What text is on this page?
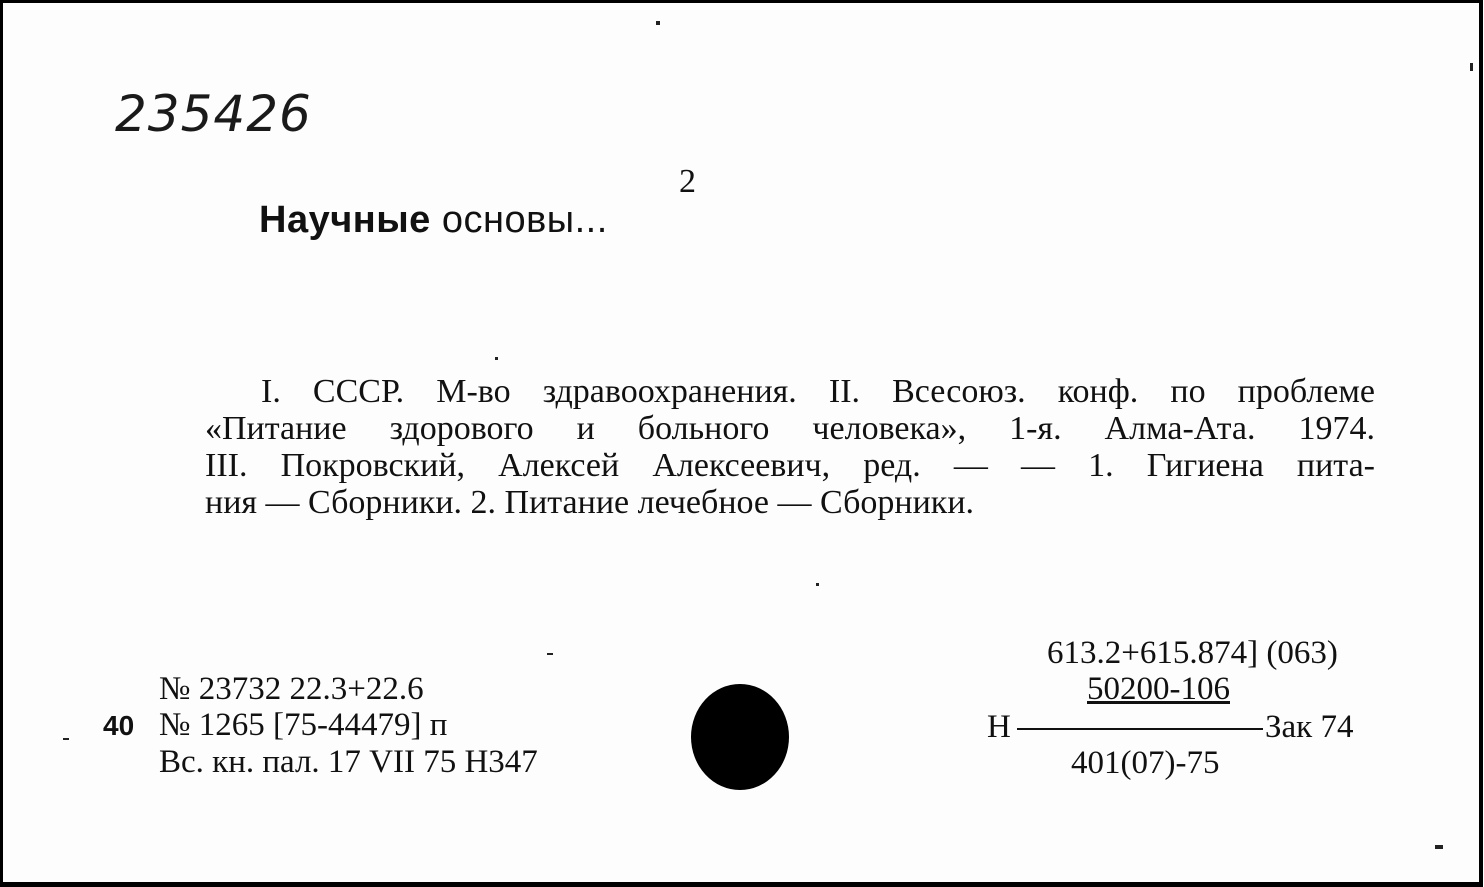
235426
2
Научные основы...
I. СССР. М-во здравоохранения. II. Всесоюз. конф. по проблеме
«Питание здорового и больного человека», 1-я. Алма-Ата. 1974.
III. Покровский, Алексей Алексеевич, ред. — — 1. Гигиена пита-
ния — Сборники. 2. Питание лечебное — Сборники.
№ 23732 22.3+22.6
40 № 1265 [75-44479] п
Вс. кн. пал. 17 VII 75 Н347
613.2+615.874] (063)
50200-106
Н	Зак 74
401(07)-75
